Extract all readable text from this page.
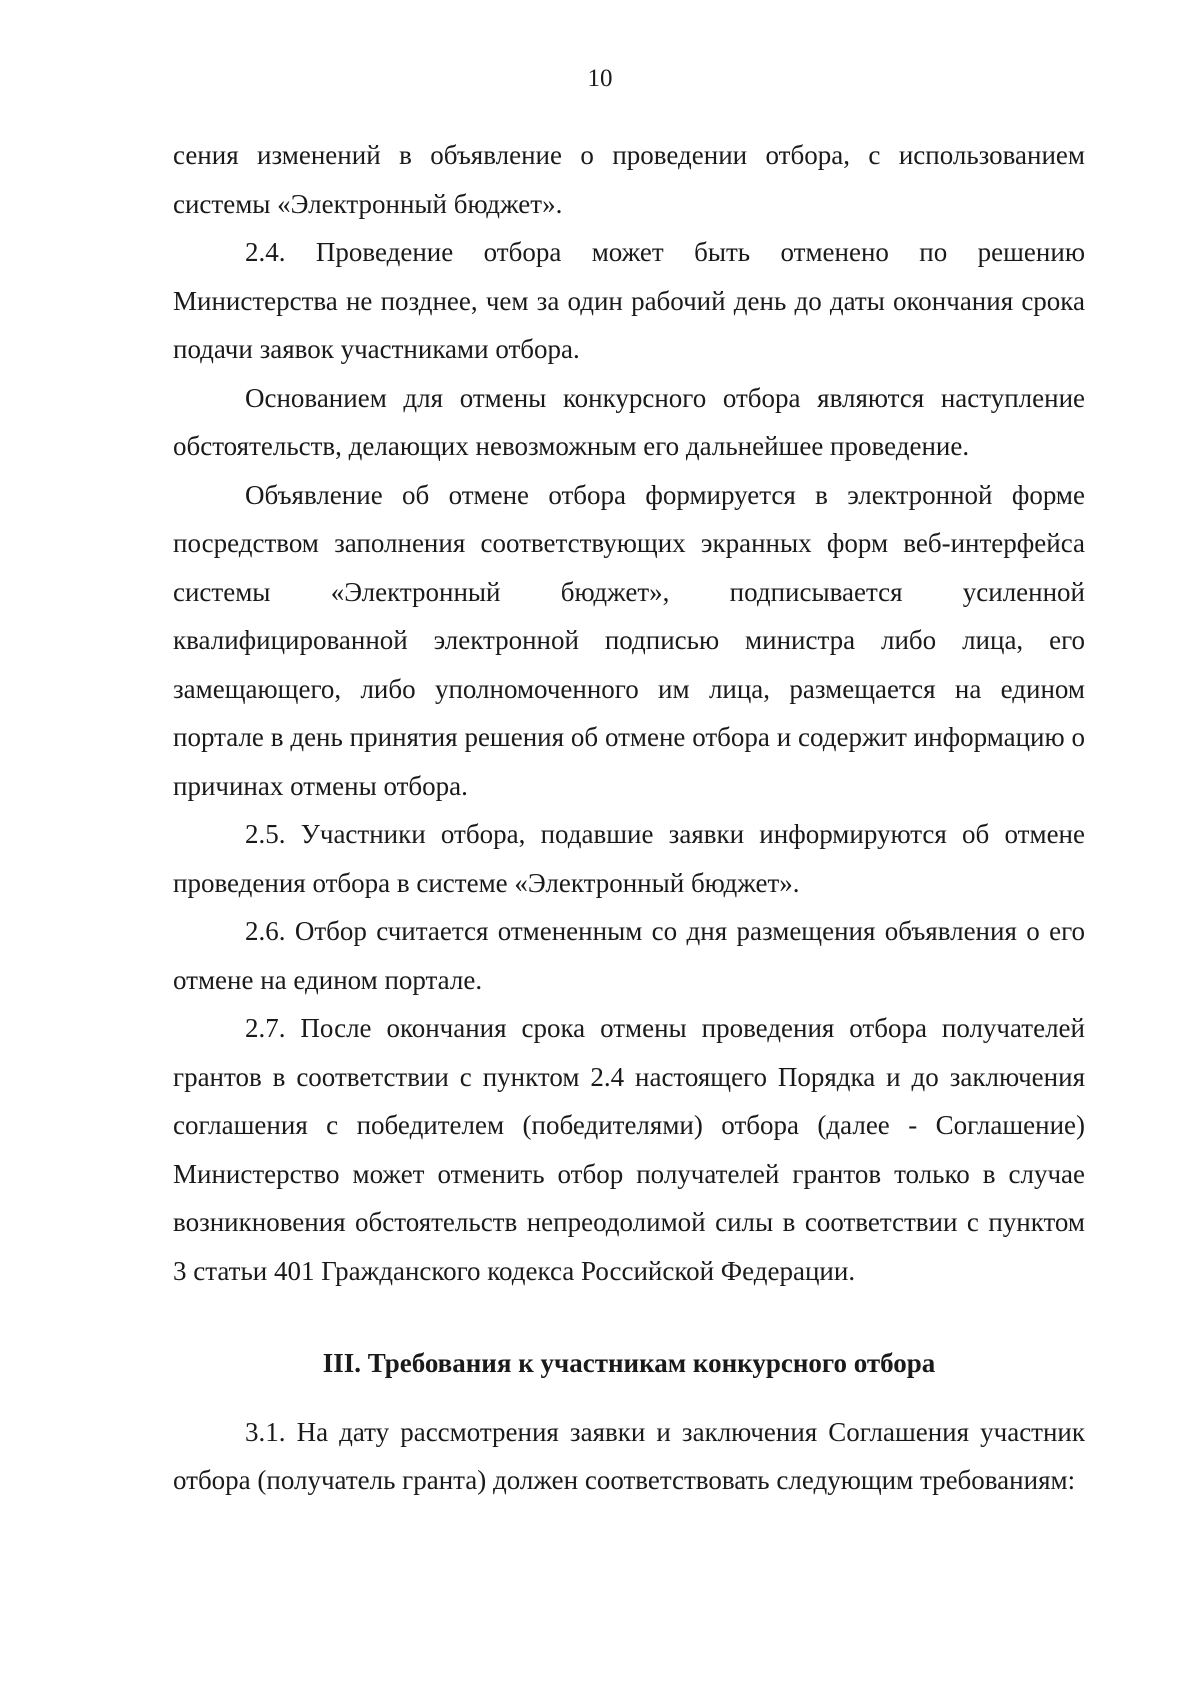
10

сения изменений в объявление о проведении отбора, с использованием системы «Электронный бюджет».

2.4. Проведение отбора может быть отменено по решению Министерства не позднее, чем за один рабочий день до даты окончания срока подачи заявок участниками отбора.

Основанием для отмены конкурсного отбора являются наступление обстоятельств, делающих невозможным его дальнейшее проведение.

Объявление об отмене отбора формируется в электронной форме посредством заполнения соответствующих экранных форм веб-интерфейса системы «Электронный бюджет», подписывается усиленной квалифицированной электронной подписью министра либо лица, его замещающего, либо уполномоченного им лица, размещается на едином портале в день принятия решения об отмене отбора и содержит информацию о причинах отмены отбора.

2.5. Участники отбора, подавшие заявки информируются об отмене проведения отбора в системе «Электронный бюджет».

2.6. Отбор считается отмененным со дня размещения объявления о его отмене на едином портале.

2.7. После окончания срока отмены проведения отбора получателей грантов в соответствии с пунктом 2.4 настоящего Порядка и до заключения соглашения с победителем (победителями) отбора (далее - Соглашение) Министерство может отменить отбор получателей грантов только в случае возникновения обстоятельств непреодолимой силы в соответствии с пунктом 3 статьи 401 Гражданского кодекса Российской Федерации.

III. Требования к участникам конкурсного отбора

3.1. На дату рассмотрения заявки и заключения Соглашения участник отбора (получатель гранта) должен соответствовать следующим требованиям:
